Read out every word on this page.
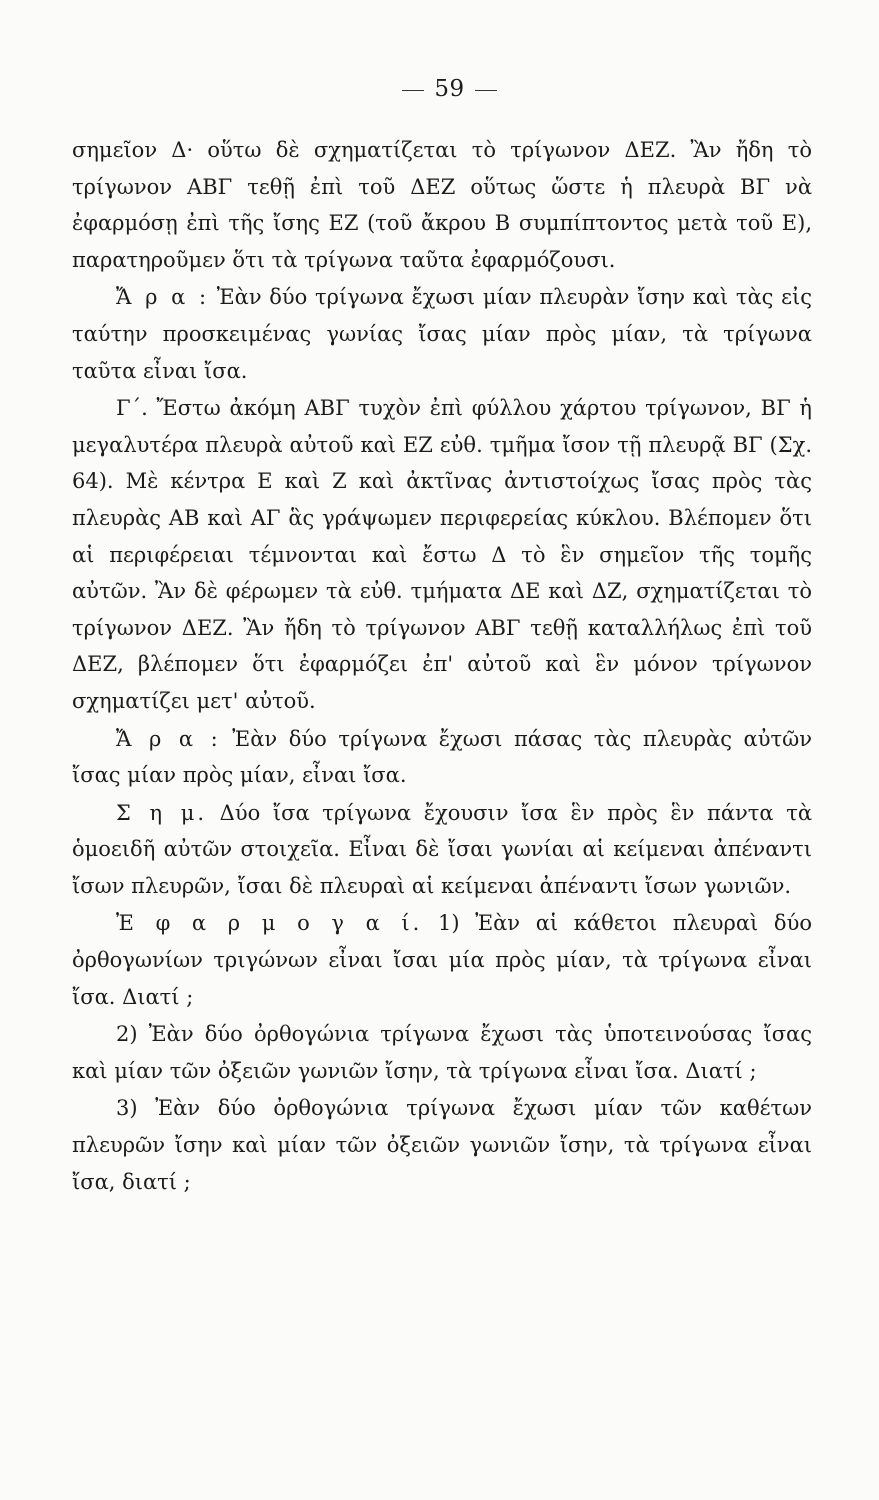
59

σημεῖον Δ· οὕτω δὲ σχηματίζεται τὸ τρίγωνον ΔΕΖ. Ἂν ἤδη τὸ τρίγωνον ΑΒΓ τεθῇ ἐπὶ τοῦ ΔΕΖ οὕτως ὥστε ἡ πλευρὰ ΒΓ νὰ ἐφαρμόσῃ ἐπὶ τῆς ἴσης ΕΖ (τοῦ ἄκρου Β συμπίπτοντος μετὰ τοῦ Ε), παρατηροῦμεν ὅτι τὰ τρίγωνα ταῦτα ἐφαρμόζουσι.

Ἄ ρ α : Ἐὰν δύο τρίγωνα ἔχωσι μίαν πλευρὰν ἴσην καὶ τὰς εἰς ταύτην προσκειμένας γωνίας ἴσας μίαν πρὸς μίαν, τὰ τρίγωνα ταῦτα εἶναι ἴσα.

Γ΄. Ἔστω ἀκόμη ΑΒΓ τυχὸν ἐπὶ φύλλου χάρτου τρίγωνον, ΒΓ ἡ μεγαλυτέρα πλευρὰ αὐτοῦ καὶ ΕΖ εὐθ. τμῆμα ἴσον τῇ πλευρᾷ ΒΓ (Σχ. 64). Μὲ κέντρα Ε καὶ Ζ καὶ ἀκτῖνας ἀντιστοίχως ἴσας πρὸς τὰς πλευρὰς ΑΒ καὶ ΑΓ ἃς γράψωμεν περιφερείας κύκλου. Βλέπομεν ὅτι αἱ περιφέρειαι τέμνονται καὶ ἔστω Δ τὸ ἓν σημεῖον τῆς τομῆς αὐτῶν. Ἂν δὲ φέρωμεν τὰ εὐθ. τμήματα ΔΕ καὶ ΔΖ, σχηματίζεται τὸ τρίγωνον ΔΕΖ. Ἂν ἤδη τὸ τρίγωνον ΑΒΓ τεθῇ καταλλήλως ἐπὶ τοῦ ΔΕΖ, βλέπομεν ὅτι ἐφαρμόζει ἐπ' αὐτοῦ καὶ ἓν μόνον τρίγωνον σχηματίζει μετ' αὐτοῦ.

Ἄ ρ α : Ἐὰν δύο τρίγωνα ἔχωσι πάσας τὰς πλευρὰς αὐτῶν ἴσας μίαν πρὸς μίαν, εἶναι ἴσα.

Σ η μ. Δύο ἴσα τρίγωνα ἔχουσιν ἴσα ἓν πρὸς ἓν πάντα τὰ ὁμοειδῆ αὐτῶν στοιχεῖα. Εἶναι δὲ ἴσαι γωνίαι αἱ κείμεναι ἀπέναντι ἴσων πλευρῶν, ἴσαι δὲ πλευραὶ αἱ κείμεναι ἀπέναντι ἴσων γωνιῶν.

Ἐ φ α ρ μ ο γ α ί. 1) Ἐὰν αἱ κάθετοι πλευραὶ δύο ὀρθογωνίων τριγώνων εἶναι ἴσαι μία πρὸς μίαν, τὰ τρίγωνα εἶναι ἴσα. Διατί ;

2) Ἐὰν δύο ὀρθογώνια τρίγωνα ἔχωσι τὰς ὑποτεινούσας ἴσας καὶ μίαν τῶν ὀξειῶν γωνιῶν ἴσην, τὰ τρίγωνα εἶναι ἴσα. Διατί ;

3) Ἐὰν δύο ὀρθογώνια τρίγωνα ἔχωσι μίαν τῶν καθέτων πλευρῶν ἴσην καὶ μίαν τῶν ὀξειῶν γωνιῶν ἴσην, τὰ τρίγωνα εἶναι ἴσα, διατί ;
